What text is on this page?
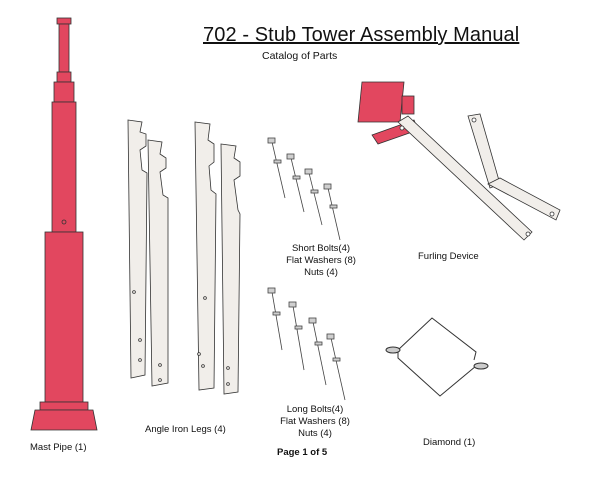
702 - Stub Tower Assembly Manual
Catalog of Parts
Mast Pipe (1)
Angle Iron Legs (4)
Short Bolts(4)
Flat Washers (8)
Nuts (4)
Furling Device
Long Bolts(4)
Flat Washers (8)
Nuts (4)
Diamond (1)
Page 1 of 5
